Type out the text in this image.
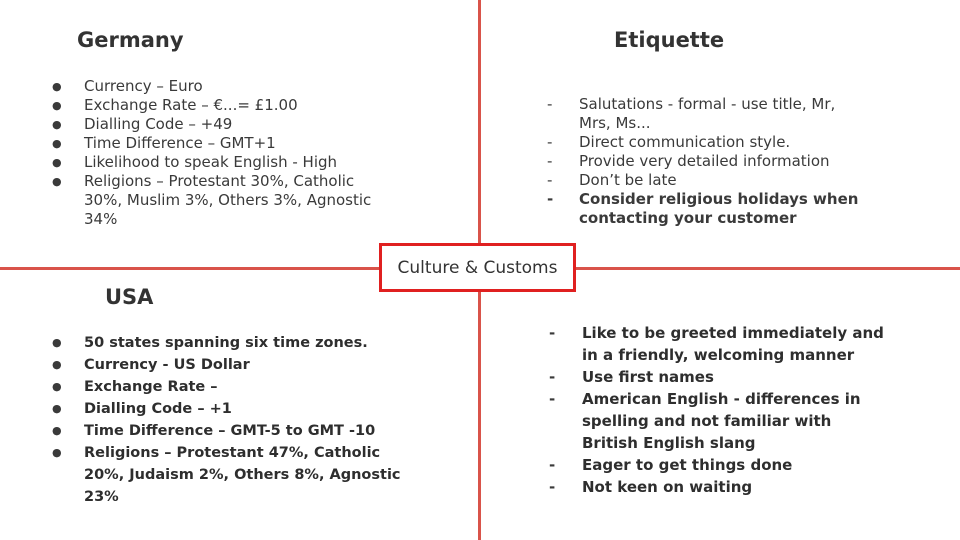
Germany
● Currency – Euro
● Exchange Rate – €...= £1.00
● Dialling Code – +49
● Time Difference – GMT+1
● Likelihood to speak English - High
● Religions – Protestant 30%, Catholic 30%, Muslim 3%, Others 3%, Agnostic 34%
Etiquette
- Salutations - formal - use title, Mr, Mrs, Ms...
- Direct communication style.
- Provide very detailed information
- Don’t be late
- Consider religious holidays when contacting your customer
USA
● 50 states spanning six time zones.
● Currency - US Dollar
● Exchange Rate –
● Dialling Code – +1
● Time Difference – GMT-5 to GMT -10
● Religions – Protestant 47%, Catholic 20%, Judaism 2%, Others 8%, Agnostic 23%
- Like to be greeted immediately and in a friendly, welcoming manner
- Use first names
- American English - differences in spelling and not familiar with British English slang
- Eager to get things done
- Not keen on waiting
Culture & Customs
